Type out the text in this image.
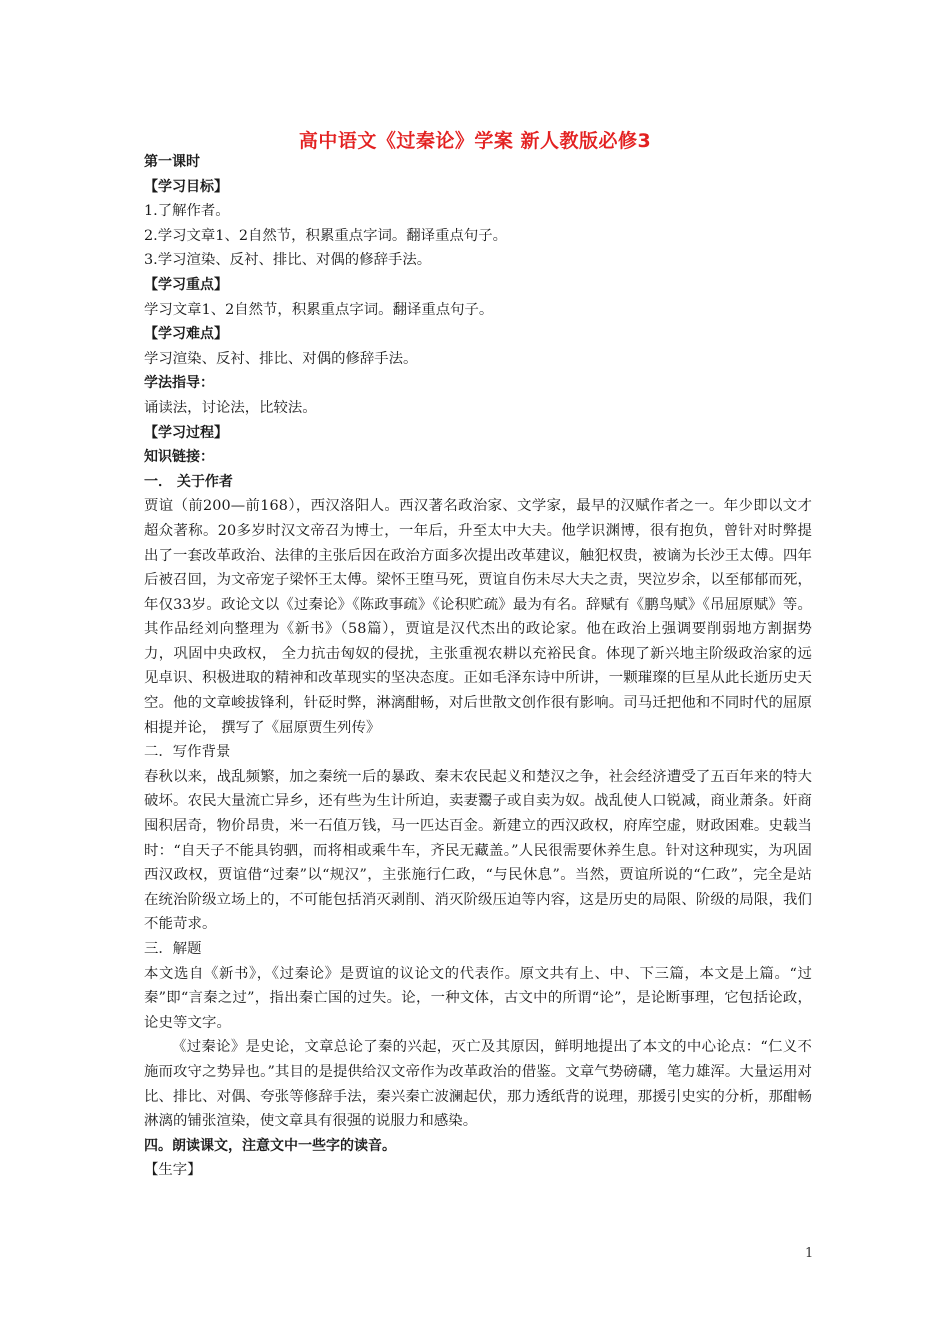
高中语文《过秦论》学案 新人教版必修3
第一课时
【学习目标】
1.了解作者。
2.学习文章1、2自然节，积累重点字词。翻译重点句子。
3.学习渲染、反衬、排比、对偶的修辞手法。
【学习重点】
学习文章1、2自然节，积累重点字词。翻译重点句子。
【学习难点】
学习渲染、反衬、排比、对偶的修辞手法。
学法指导：
诵读法，讨论法，比较法。
【学习过程】
知识链接：
一． 关于作者
贾谊（前200—前168），西汉洛阳人。西汉著名政治家、文学家，最早的汉赋作者之一。年少即以文才超众著称。20多岁时汉文帝召为博士，一年后，升至太中大夫。他学识渊博，很有抱负，曾针对时弊提出了一套改革政治、法律的主张后因在政治方面多次提出改革建议，触犯权贵，被谪为长沙王太傅。四年后被召回，为文帝宠子梁怀王太傅。梁怀王堕马死，贾谊自伤未尽大夫之责，哭泣岁余，以至郁郁而死，年仅33岁。政论文以《过秦论》《陈政事疏》《论积贮疏》最为有名。辞赋有《鹏鸟赋》《吊屈原赋》等。其作品经刘向整理为《新书》（58篇），贾谊是汉代杰出的政论家。他在政治上强调要削弱地方割据势力，巩固中央政权， 全力抗击匈奴的侵扰，主张重视农耕以充裕民食。体现了新兴地主阶级政治家的远见卓识、积极进取的精神和改革现实的坚决态度。正如毛泽东诗中所讲，一颗璀璨的巨星从此长逝历史天空。他的文章峻拔锋利，针砭时弊，淋漓酣畅，对后世散文创作很有影响。司马迁把他和不同时代的屈原相提并论， 撰写了《屈原贾生列传》
二．写作背景
春秋以来，战乱频繁，加之秦统一后的暴政、秦末农民起义和楚汉之争，社会经济遭受了五百年来的特大破坏。农民大量流亡异乡，还有些为生计所迫，卖妻鬻子或自卖为奴。战乱使人口锐减，商业萧条。奸商囤积居奇，物价昂贵，米一石值万钱，马一匹达百金。新建立的西汉政权，府库空虚，财政困难。史载当时：“自天子不能具钧驷，而将相或乘牛车，齐民无藏盖。”人民很需要休养生息。针对这种现实，为巩固西汉政权，贾谊借“过秦”以“规汉”，主张施行仁政，“与民休息”。当然，贾谊所说的“仁政”，完全是站在统治阶级立场上的，不可能包括消灭剥削、消灭阶级压迫等内容，这是历史的局限、阶级的局限，我们不能苛求。
三．解题
本文选自《新书》，《过秦论》是贾谊的议论文的代表作。原文共有上、中、下三篇，本文是上篇。“过秦”即“言秦之过”，指出秦亡国的过失。论，一种文体，古文中的所谓“论”，是论断事理，它包括论政，论史等文字。
《过秦论》是史论，文章总论了秦的兴起，灭亡及其原因，鲜明地提出了本文的中心论点：“仁义不施而攻守之势异也。”其目的是提供给汉文帝作为改革政治的借鉴。文章气势磅礴，笔力雄浑。大量运用对比、排比、对偶、夸张等修辞手法，秦兴秦亡波澜起伏，那力透纸背的说理，那援引史实的分析，那酣畅淋漓的铺张渲染，使文章具有很强的说服力和感染。
四。朗读课文，注意文中一些字的读音。
【生字】
1
